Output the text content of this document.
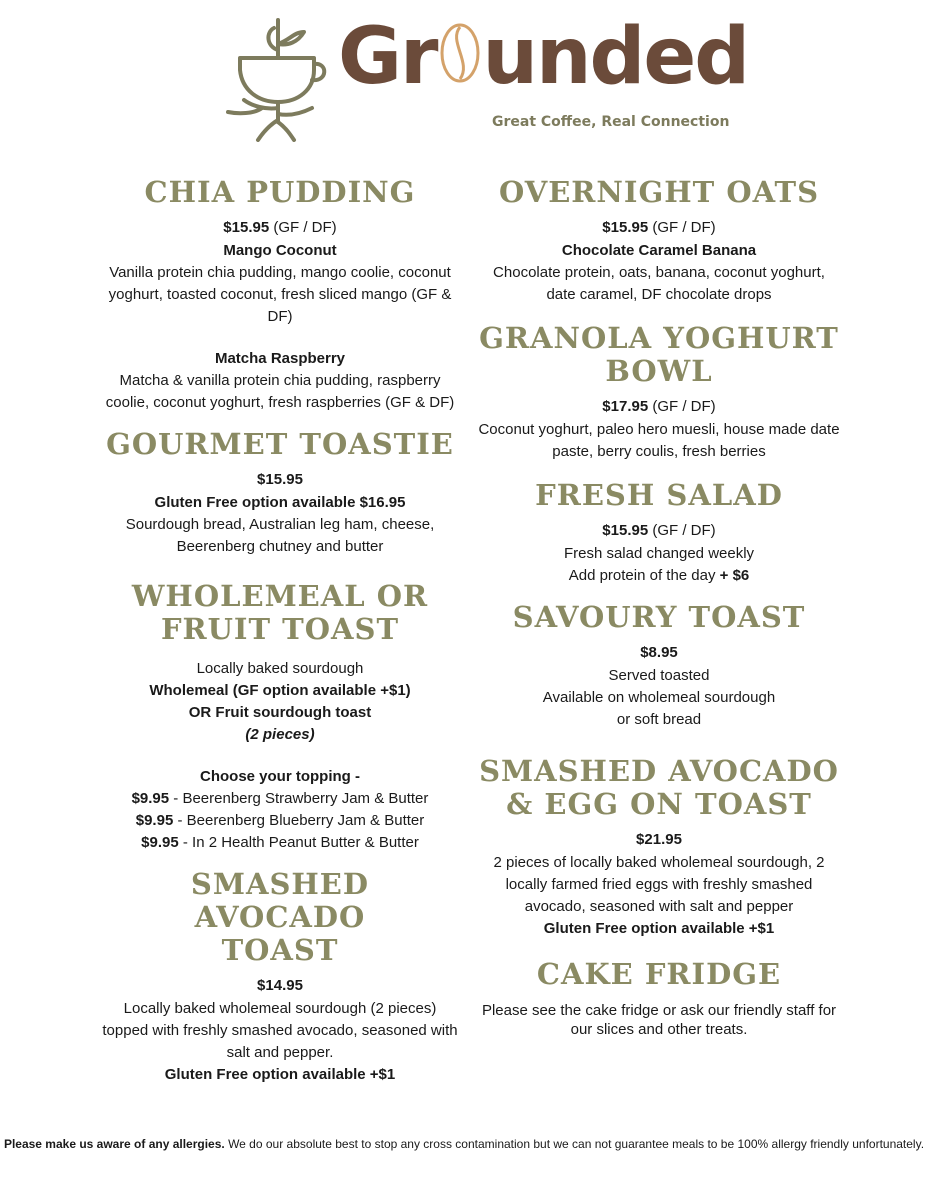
Gr unded
Great Coffee, Real Connection
CHIA PUDDING

$15.95 (GF / DF)

Mango Coconut

Vanilla protein chia pudding, mango coolie, coconut yoghurt, toasted coconut, fresh sliced mango (GF & DF)

Matcha Raspberry

Matcha & vanilla protein chia pudding, raspberry coolie, coconut yoghurt, fresh raspberries (GF & DF)

GOURMET TOASTIE

$15.95

Gluten Free option available $16.95

Sourdough bread, Australian leg ham, cheese, Beerenberg chutney and butter

WHOLEMEAL OR
FRUIT TOAST

Locally baked sourdough

Wholemeal (GF option available +$1)

OR Fruit sourdough toast

(2 pieces)

Choose your topping -

$9.95 - Beerenberg Strawberry Jam & Butter

$9.95 - Beerenberg Blueberry Jam & Butter

$9.95 - In 2 Health Peanut Butter & Butter

SMASHED AVOCADO
TOAST

$14.95

Locally baked wholemeal sourdough (2 pieces) topped with freshly smashed avocado, seasoned with salt and pepper.

Gluten Free option available +$1

OVERNIGHT OATS

$15.95 (GF / DF)

Chocolate Caramel Banana

Chocolate protein, oats, banana, coconut yoghurt, date caramel, DF chocolate drops

GRANOLA YOGHURT
BOWL

$17.95 (GF / DF)

Coconut yoghurt, paleo hero muesli, house made date paste, berry coulis, fresh berries

FRESH SALAD

$15.95 (GF / DF)

Fresh salad changed weekly

Add protein of the day + $6

SAVOURY TOAST

$8.95

Served toasted

Available on wholemeal sourdough

or soft bread

SMASHED AVOCADO
& EGG ON TOAST

$21.95

2 pieces of locally baked wholemeal sourdough, 2 locally farmed fried eggs with freshly smashed avocado, seasoned with salt and pepper

Gluten Free option available +$1

CAKE FRIDGE

Please see the cake fridge or ask our friendly staff for our slices and other treats.

Please make us aware of any allergies. We do our absolute best to stop any cross contamination but we can not guarantee meals to be 100% allergy friendly unfortunately.
